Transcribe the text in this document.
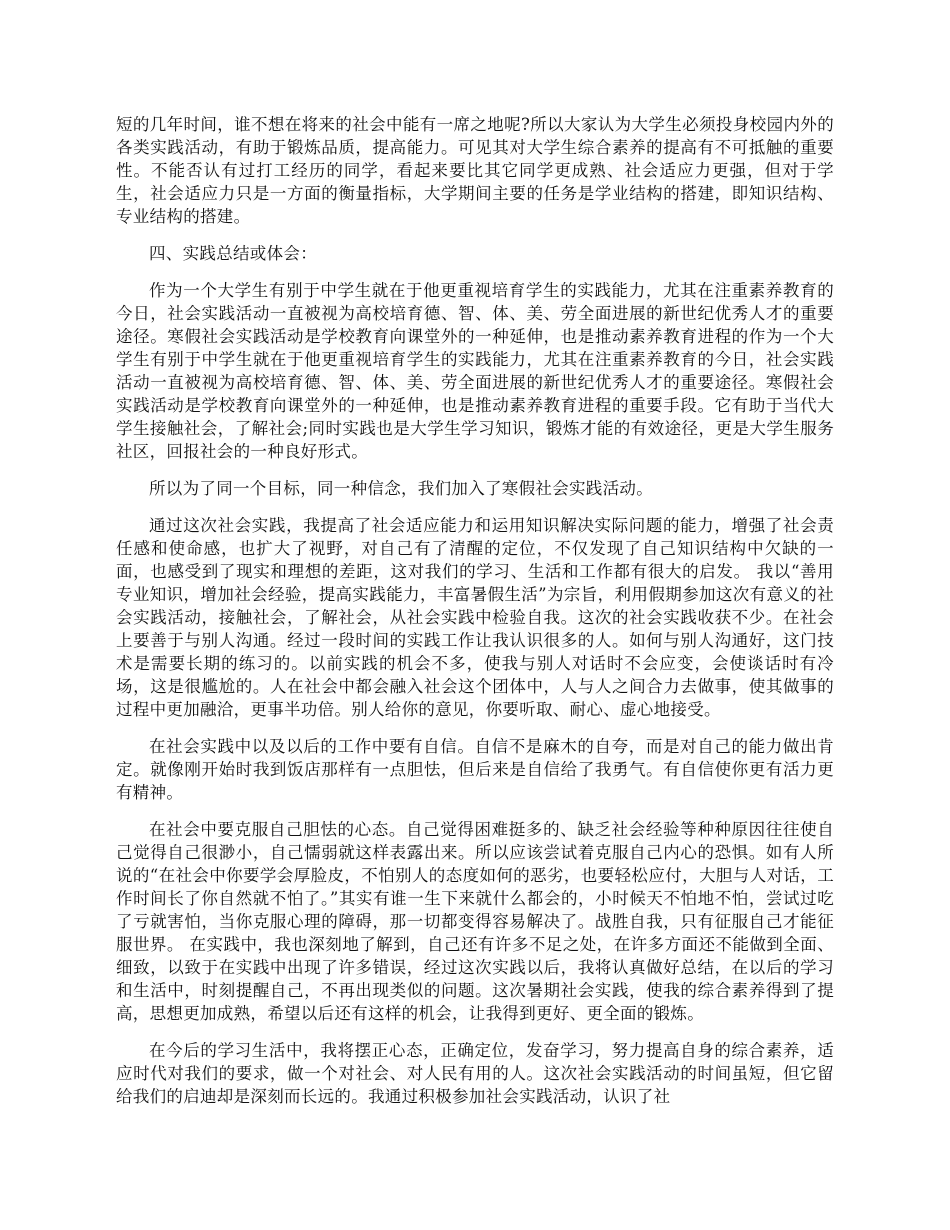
短的几年时间，谁不想在将来的社会中能有一席之地呢?所以大家认为大学生必须投身校园内外的各类实践活动，有助于锻炼品质，提高能力。可见其对大学生综合素养的提高有不可抵触的重要性。不能否认有过打工经历的同学，看起来要比其它同学更成熟、社会适应力更强，但对于学生，社会适应力只是一方面的衡量指标，大学期间主要的任务是学业结构的搭建，即知识结构、专业结构的搭建。

四、实践总结或体会：

作为一个大学生有别于中学生就在于他更重视培育学生的实践能力，尤其在注重素养教育的今日，社会实践活动一直被视为高校培育德、智、体、美、劳全面进展的新世纪优秀人才的重要途径。寒假社会实践活动是学校教育向课堂外的一种延伸，也是推动素养教育进程的作为一个大学生有别于中学生就在于他更重视培育学生的实践能力，尤其在注重素养教育的今日，社会实践活动一直被视为高校培育德、智、体、美、劳全面进展的新世纪优秀人才的重要途径。寒假社会实践活动是学校教育向课堂外的一种延伸，也是推动素养教育进程的重要手段。它有助于当代大学生接触社会，了解社会;同时实践也是大学生学习知识，锻炼才能的有效途径，更是大学生服务社区，回报社会的一种良好形式。

所以为了同一个目标，同一种信念，我们加入了寒假社会实践活动。

通过这次社会实践，我提高了社会适应能力和运用知识解决实际问题的能力，增强了社会责任感和使命感，也扩大了视野，对自己有了清醒的定位，不仅发现了自己知识结构中欠缺的一面，也感受到了现实和理想的差距，这对我们的学习、生活和工作都有很大的启发。 我以“善用专业知识，增加社会经验，提高实践能力，丰富暑假生活”为宗旨，利用假期参加这次有意义的社会实践活动，接触社会，了解社会，从社会实践中检验自我。这次的社会实践收获不少。在社会上要善于与别人沟通。经过一段时间的实践工作让我认识很多的人。如何与别人沟通好，这门技术是需要长期的练习的。以前实践的机会不多，使我与别人对话时不会应变，会使谈话时有冷场，这是很尴尬的。人在社会中都会融入社会这个团体中，人与人之间合力去做事，使其做事的过程中更加融洽，更事半功倍。别人给你的意见，你要听取、耐心、虚心地接受。

在社会实践中以及以后的工作中要有自信。自信不是麻木的自夸，而是对自己的能力做出肯定。就像刚开始时我到饭店那样有一点胆怯，但后来是自信给了我勇气。有自信使你更有活力更有精神。

在社会中要克服自己胆怯的心态。自己觉得困难挺多的、缺乏社会经验等种种原因往往使自己觉得自己很渺小，自己懦弱就这样表露出来。所以应该尝试着克服自己内心的恐惧。如有人所说的“在社会中你要学会厚脸皮，不怕别人的态度如何的恶劣，也要轻松应付，大胆与人对话，工作时间长了你自然就不怕了。”其实有谁一生下来就什么都会的，小时候天不怕地不怕，尝试过吃了亏就害怕，当你克服心理的障碍，那一切都变得容易解决了。战胜自我，只有征服自己才能征服世界。 在实践中，我也深刻地了解到，自己还有许多不足之处，在许多方面还不能做到全面、细致，以致于在实践中出现了许多错误，经过这次实践以后，我将认真做好总结，在以后的学习和生活中，时刻提醒自己，不再出现类似的问题。这次暑期社会实践，使我的综合素养得到了提高，思想更加成熟，希望以后还有这样的机会，让我得到更好、更全面的锻炼。

在今后的学习生活中，我将摆正心态，正确定位，发奋学习，努力提高自身的综合素养，适应时代对我们的要求，做一个对社会、对人民有用的人。这次社会实践活动的时间虽短，但它留给我们的启迪却是深刻而长远的。我通过积极参加社会实践活动，认识了社
